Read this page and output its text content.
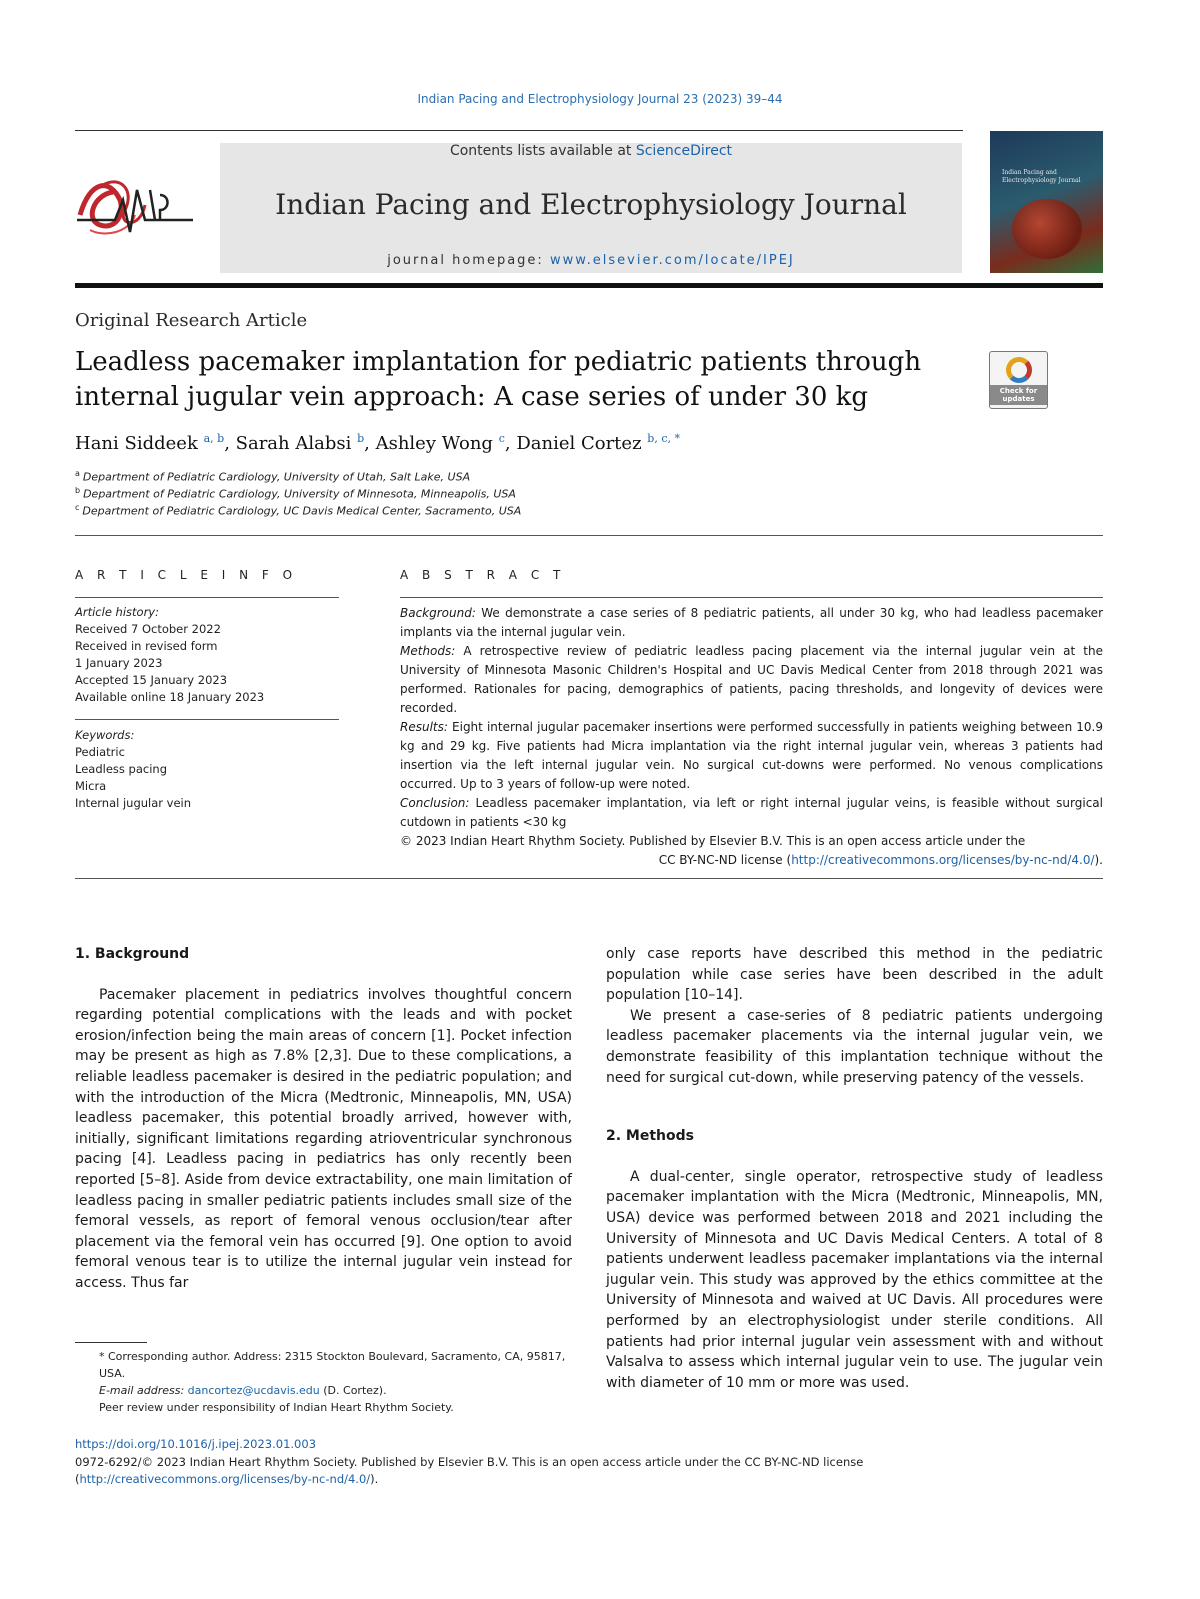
Indian Pacing and Electrophysiology Journal 23 (2023) 39–44
Contents lists available at ScienceDirect
Indian Pacing and Electrophysiology Journal
journal homepage: www.elsevier.com/locate/IPEJ
Indian Pacing and Electrophysiology Journal
Original Research Article
Leadless pacemaker implantation for pediatric patients through internal jugular vein approach: A case series of under 30 kg	Check for updates
Hani Siddeek $^{a, b}$, Sarah Alabsi $^b$, Ashley Wong $^c$, Daniel Cortez $^{b, c, *}$
$^a$ Department of Pediatric Cardiology, University of Utah, Salt Lake, USA
$^b$ Department of Pediatric Cardiology, University of Minnesota, Minneapolis, USA
$^c$ Department of Pediatric Cardiology, UC Davis Medical Center, Sacramento, USA
A R T I C L E I N F O
Article history:
Received 7 October 2022
Received in revised form
1 January 2023
Accepted 15 January 2023
Available online 18 January 2023
Keywords:
Pediatric
Leadless pacing
Micra
Internal jugular vein
A B S T R A C T

Background: We demonstrate a case series of 8 pediatric patients, all under 30 kg, who had leadless pacemaker implants via the internal jugular vein.

Methods: A retrospective review of pediatric leadless pacing placement via the internal jugular vein at the University of Minnesota Masonic Children's Hospital and UC Davis Medical Center from 2018 through 2021 was performed. Rationales for pacing, demographics of patients, pacing thresholds, and longevity of devices were recorded.

Results: Eight internal jugular pacemaker insertions were performed successfully in patients weighing between 10.9 kg and 29 kg. Five patients had Micra implantation via the right internal jugular vein, whereas 3 patients had insertion via the left internal jugular vein. No surgical cut-downs were performed. No venous complications occurred. Up to 3 years of follow-up were noted.

Conclusion: Leadless pacemaker implantation, via left or right internal jugular veins, is feasible without surgical cutdown in patients <30 kg

© 2023 Indian Heart Rhythm Society. Published by Elsevier B.V. This is an open access article under the

CC BY-NC-ND license (http://creativecommons.org/licenses/by-nc-nd/4.0/).

1. Background

Pacemaker placement in pediatrics involves thoughtful concern regarding potential complications with the leads and with pocket erosion/infection being the main areas of concern [1]. Pocket infection may be present as high as 7.8% [2,3]. Due to these complications, a reliable leadless pacemaker is desired in the pediatric population; and with the introduction of the Micra (Medtronic, Minneapolis, MN, USA) leadless pacemaker, this potential broadly arrived, however with, initially, significant limitations regarding atrioventricular synchronous pacing [4]. Leadless pacing in pediatrics has only recently been reported [5–8]. Aside from device extractability, one main limitation of leadless pacing in smaller pediatric patients includes small size of the femoral vessels, as report of femoral venous occlusion/tear after placement via the femoral vein has occurred [9]. One option to avoid femoral venous tear is to utilize the internal jugular vein instead for access. Thus far

only case reports have described this method in the pediatric population while case series have been described in the adult population [10–14].

We present a case-series of 8 pediatric patients undergoing leadless pacemaker placements via the internal jugular vein, we demonstrate feasibility of this implantation technique without the need for surgical cut-down, while preserving patency of the vessels.

2. Methods

A dual-center, single operator, retrospective study of leadless pacemaker implantation with the Micra (Medtronic, Minneapolis, MN, USA) device was performed between 2018 and 2021 including the University of Minnesota and UC Davis Medical Centers. A total of 8 patients underwent leadless pacemaker implantations via the internal jugular vein. This study was approved by the ethics committee at the University of Minnesota and waived at UC Davis. All procedures were performed by an electrophysiologist under sterile conditions. All patients had prior internal jugular vein assessment with and without Valsalva to assess which internal jugular vein to use. The jugular vein with diameter of 10 mm or more was used.

* Corresponding author. Address: 2315 Stockton Boulevard, Sacramento, CA, 95817, USA.

E-mail address: dancortez@ucdavis.edu (D. Cortez).

Peer review under responsibility of Indian Heart Rhythm Society.

https://doi.org/10.1016/j.ipej.2023.01.003
0972-6292/© 2023 Indian Heart Rhythm Society. Published by Elsevier B.V. This is an open access article under the CC BY-NC-ND license (http://creativecommons.org/licenses/by-nc-nd/4.0/).
